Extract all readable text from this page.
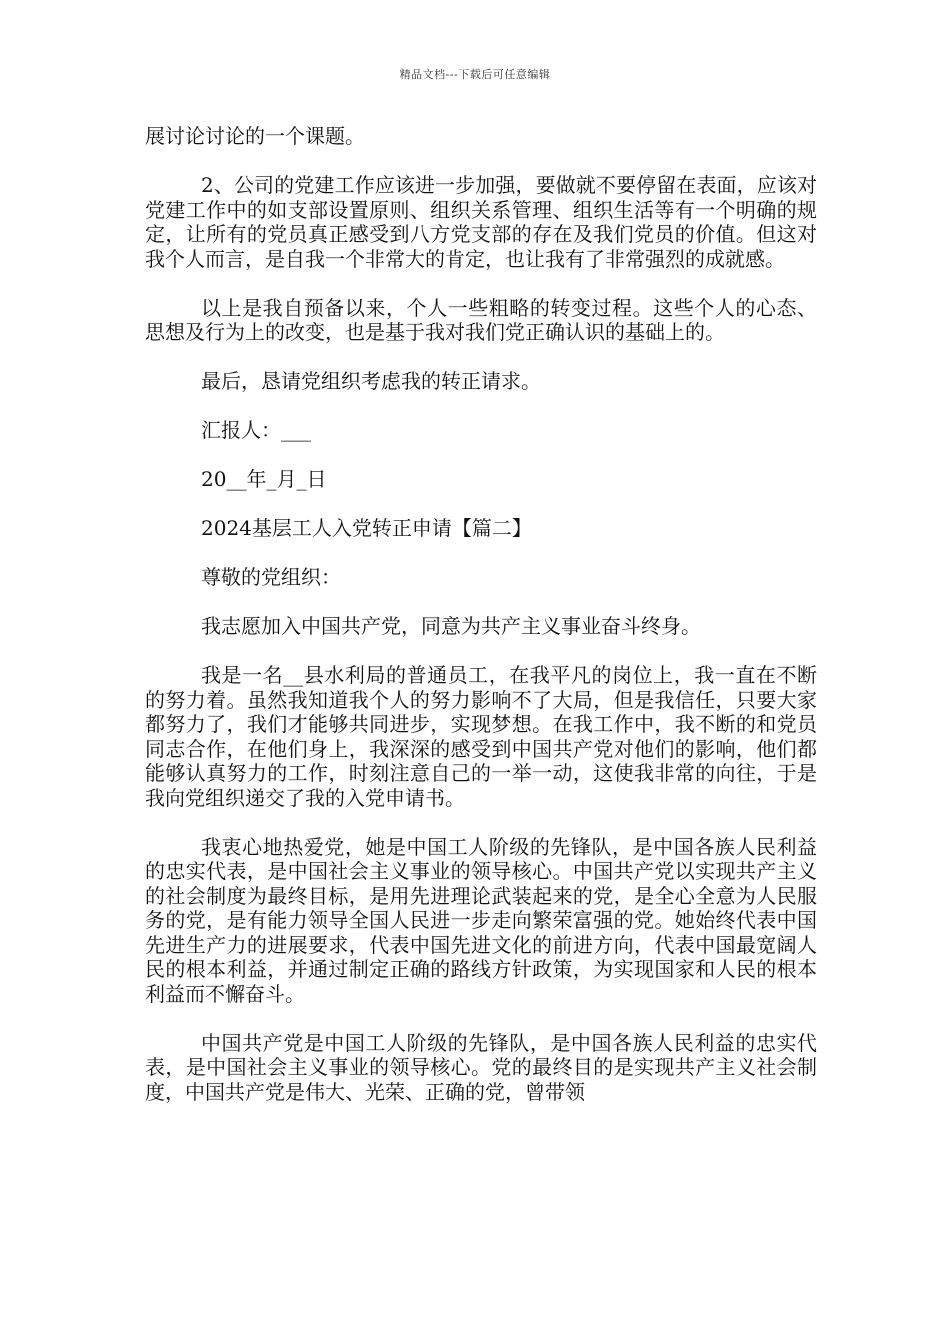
精品文档---下载后可任意编辑

展讨论讨论的一个课题。

2、公司的党建工作应该进一步加强，要做就不要停留在表面，应该对党建工作中的如支部设置原则、组织关系管理、组织生活等有一个明确的规定，让所有的党员真正感受到八方党支部的存在及我们党员的价值。但这对我个人而言，是自我一个非常大的肯定，也让我有了非常强烈的成就感。

以上是我自预备以来，个人一些粗略的转变过程。这些个人的心态、思想及行为上的改变，也是基于我对我们党正确认识的基础上的。

最后，恳请党组织考虑我的转正请求。

汇报人：___

20__年_月_日

2024基层工人入党转正申请【篇二】

尊敬的党组织：

我志愿加入中国共产党，同意为共产主义事业奋斗终身。

我是一名__县水利局的普通员工，在我平凡的岗位上，我一直在不断的努力着。虽然我知道我个人的努力影响不了大局，但是我信任，只要大家都努力了，我们才能够共同进步，实现梦想。在我工作中，我不断的和党员同志合作，在他们身上，我深深的感受到中国共产党对他们的影响，他们都能够认真努力的工作，时刻注意自己的一举一动，这使我非常的向往，于是我向党组织递交了我的入党申请书。

我衷心地热爱党，她是中国工人阶级的先锋队，是中国各族人民利益的忠实代表，是中国社会主义事业的领导核心。中国共产党以实现共产主义的社会制度为最终目标，是用先进理论武装起来的党，是全心全意为人民服务的党，是有能力领导全国人民进一步走向繁荣富强的党。她始终代表中国先进生产力的进展要求，代表中国先进文化的前进方向，代表中国最宽阔人民的根本利益，并通过制定正确的路线方针政策，为实现国家和人民的根本利益而不懈奋斗。

中国共产党是中国工人阶级的先锋队，是中国各族人民利益的忠实代表，是中国社会主义事业的领导核心。党的最终目的是实现共产主义社会制度，中国共产党是伟大、光荣、正确的党，曾带领
